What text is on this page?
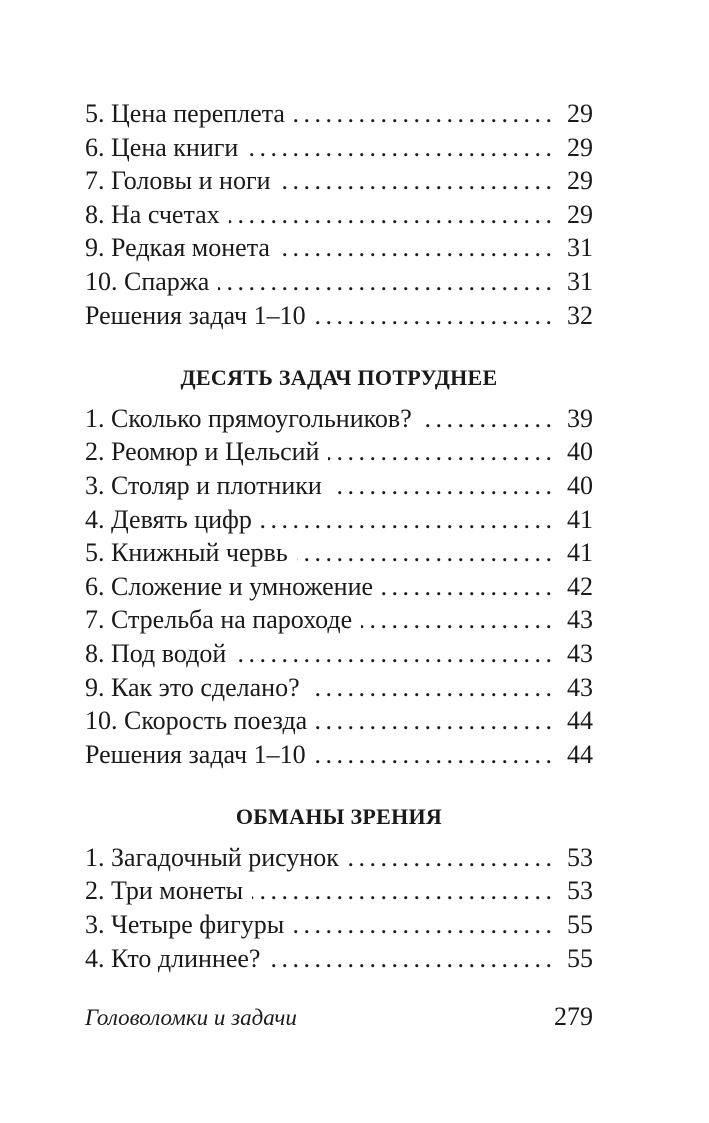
5. Цена переплета . . .	29
6. Цена книги . . .	29
7. Головы и ноги . . .	29
8. На счетах . . .	29
9. Редкая монета . . .	31
10. Спаржа . . .	31
Решения задач 1–10 . . .	32
ДЕСЯТЬ ЗАДАЧ ПОТРУДНЕЕ
1. Сколько прямоугольников? . . .	39
2. Реомюр и Цельсий . . .	40
3. Столяр и плотники . . .	40
4. Девять цифр . . .	41
5. Книжный червь . . .	41
6. Сложение и умножение . . .	42
7. Стрельба на пароходе . . .	43
8. Под водой . . .	43
9. Как это сделано? . . .	43
10. Скорость поезда . . .	44
Решения задач 1–10 . . .	44
ОБМАНЫ ЗРЕНИЯ
1. Загадочный рисунок . . .	53
2. Три монеты . . .	53
3. Четыре фигуры . . .	55
4. Кто длиннее? . . .	55
Головоломки и задачи	279
